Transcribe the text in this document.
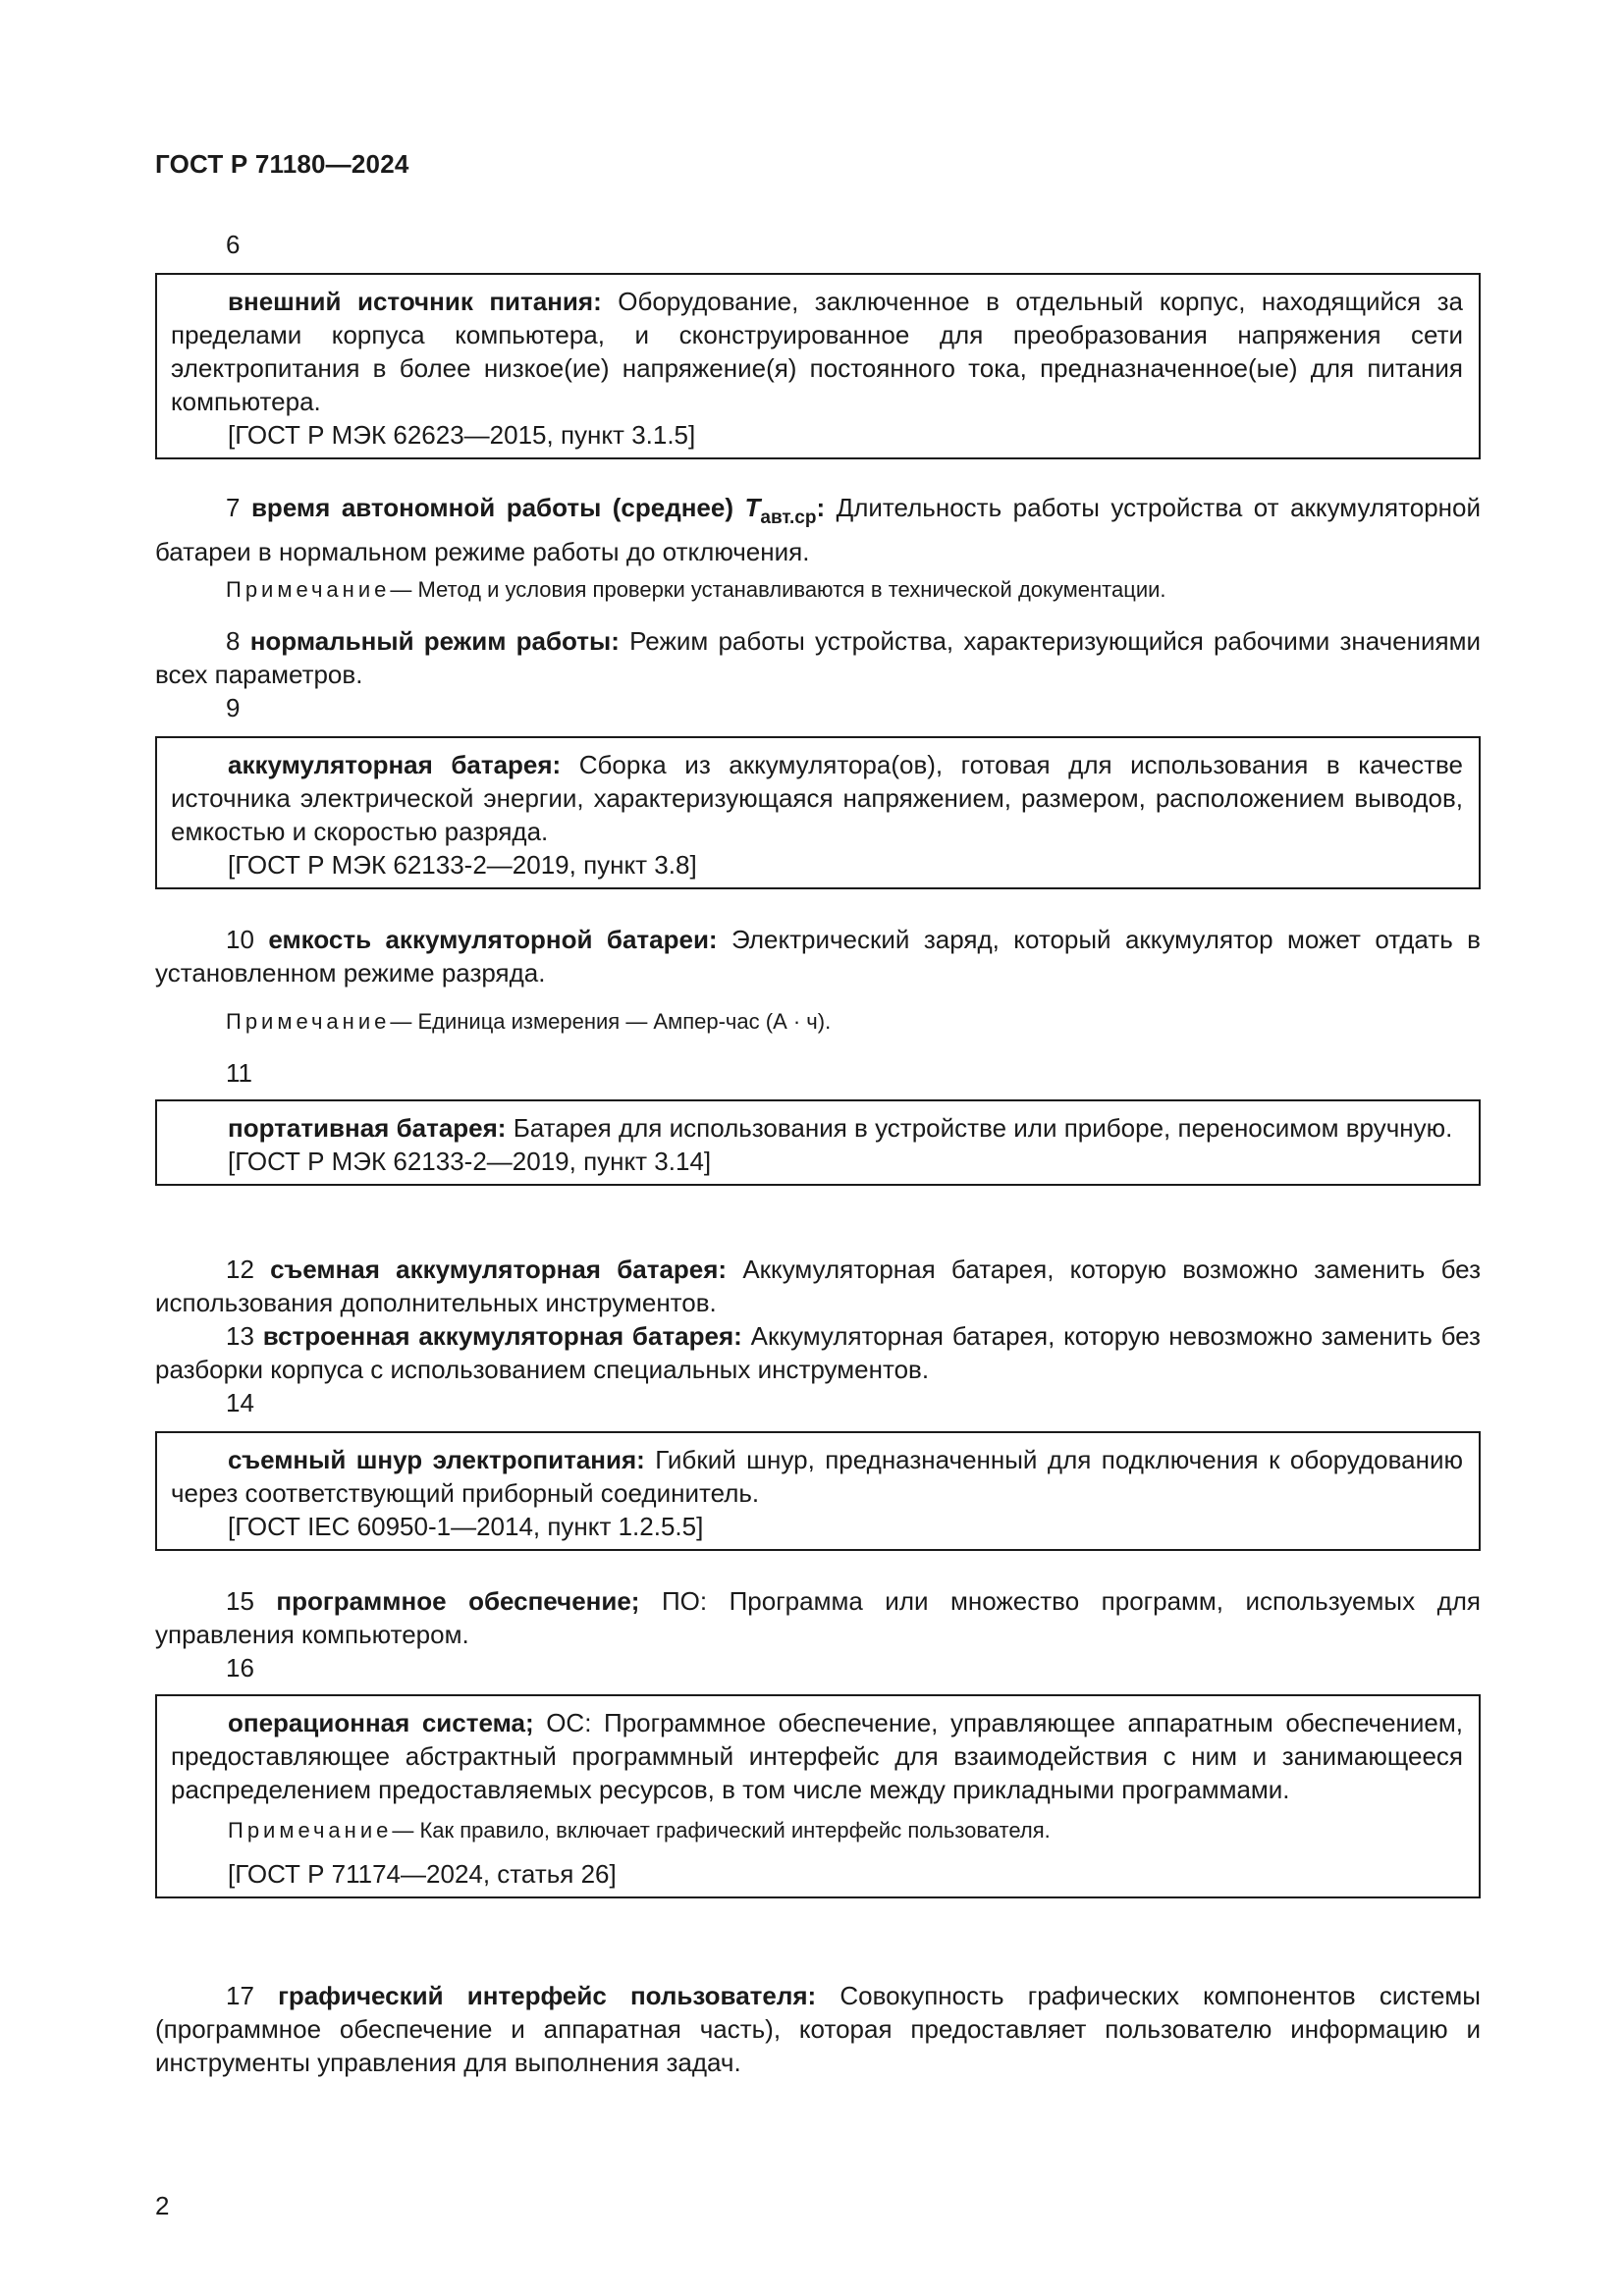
ГОСТ Р 71180—2024
6

внешний источник питания: Оборудование, заключенное в отдельный корпус, находящийся за пределами корпуса компьютера, и сконструированное для преобразования напряжения сети электропитания в более низкое(ие) напряжение(я) постоянного тока, предназначенное(ые) для питания компьютера.

[ГОСТ Р МЭК 62623—2015, пункт 3.1.5]

7 время автономной работы (среднее) $T_{авт.ср}$: Длительность работы устройства от аккумуляторной батареи в нормальном режиме работы до отключения.

Примечание— Метод и условия проверки устанавливаются в технической документации.

8 нормальный режим работы: Режим работы устройства, характеризующийся рабочими значениями всех параметров.

9

аккумуляторная батарея: Сборка из аккумулятора(ов), готовая для использования в качестве источника электрической энергии, характеризующаяся напряжением, размером, расположением выводов, емкостью и скоростью разряда.

[ГОСТ Р МЭК 62133-2—2019, пункт 3.8]

10 емкость аккумуляторной батареи: Электрический заряд, который аккумулятор может отдать в установленном режиме разряда.

Примечание— Единица измерения — Ампер-час (А · ч).

11

портативная батарея: Батарея для использования в устройстве или приборе, переносимом вручную.

[ГОСТ Р МЭК 62133-2—2019, пункт 3.14]

12 съемная аккумуляторная батарея: Аккумуляторная батарея, которую возможно заменить без использования дополнительных инструментов.

13 встроенная аккумуляторная батарея: Аккумуляторная батарея, которую невозможно заменить без разборки корпуса с использованием специальных инструментов.

14

съемный шнур электропитания: Гибкий шнур, предназначенный для подключения к оборудованию через соответствующий приборный соединитель.

[ГОСТ IEC 60950-1—2014, пункт 1.2.5.5]

15 программное обеспечение; ПО: Программа или множество программ, используемых для управления компьютером.

16

операционная система; ОС: Программное обеспечение, управляющее аппаратным обеспечением, предоставляющее абстрактный программный интерфейс для взаимодействия с ним и занимающееся распределением предоставляемых ресурсов, в том числе между прикладными программами.

Примечание— Как правило, включает графический интерфейс пользователя.

[ГОСТ Р 71174—2024, статья 26]

17 графический интерфейс пользователя: Совокупность графических компонентов системы (программное обеспечение и аппаратная часть), которая предоставляет пользователю информацию и инструменты управления для выполнения задач.

2
